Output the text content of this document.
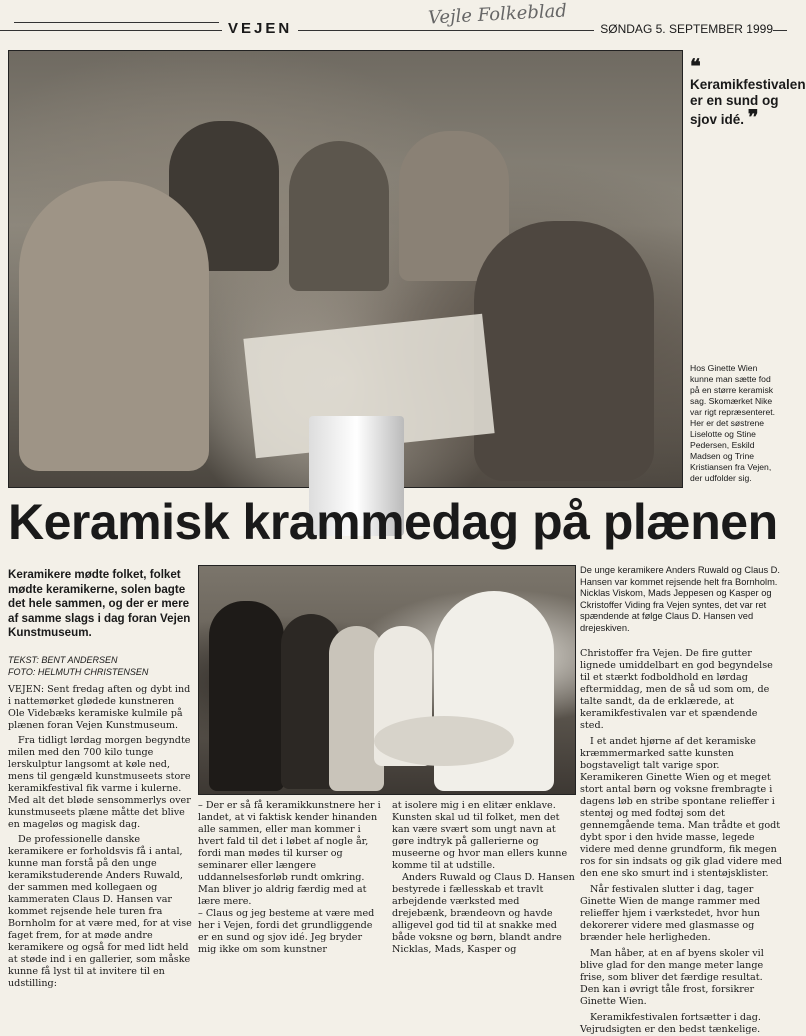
VEJEN	Vejle Folkeblad
SØNDAG 5. SEPTEMBER 1999
❝ Keramikfestivalen er en sund og sjov idé. ❞
Hos Ginette Wien kunne man sætte fod på en større keramisk sag. Skomærket Nike var rigt repræsenteret. Her er det søstrene Liselotte og Stine Pedersen, Eskild Madsen og Trine Kristiansen fra Vejen, der udfolder sig.
Keramisk krammedag på plænen
Keramikere mødte folket, folket mødte keramikerne, solen bagte det hele sammen, og der er mere af samme slags i dag foran Vejen Kunstmuseum.
TEKST: BENT ANDERSEN
FOTO: HELMUTH CHRISTENSEN

VEJEN: Sent fredag aften og dybt ind i nattemørket glødede kunstneren Ole Videbæks keramiske kulmile på plænen foran Vejen Kunstmuseum.

Fra tidligt lørdag morgen begyndte milen med den 700 kilo tunge lerskulptur langsomt at køle ned, mens til gengæld kunstmuseets store keramikfestival fik varme i kulerne. Med alt det bløde sensommerlys over kunstmuseets plæne måtte det blive en mageløs og magisk dag.

De professionelle danske keramikere er forholdsvis få i antal, kunne man forstå på den unge keramikstuderende Anders Ruwald, der sammen med kollegaen og kammeraten Claus D. Hansen var kommet rejsende hele turen fra Bornholm for at være med, for at vise faget frem, for at møde andre keramikere og også for med lidt held at støde ind i en gallerier, som måske kunne få lyst til at invitere til en udstilling:

– Der er så få keramikkunstnere her i landet, at vi faktisk kender hinanden alle sammen, eller man kommer i hvert fald til det i løbet af nogle år, fordi man mødes til kurser og seminarer eller længere uddannelsesforløb rundt omkring. Man bliver jo aldrig færdig med at lære mere.

– Claus og jeg besteme at være med her i Vejen, fordi det grundliggende er en sund og sjov idé. Jeg bryder mig ikke om som kunstner

at isolere mig i en elitær enklave. Kunsten skal ud til folket, men det kan være svært som ungt navn at gøre indtryk på gallerierne og museerne og hvor man ellers kunne komme til at udstille.

Anders Ruwald og Claus D. Hansen bestyrede i fællesskab et travlt arbejdende værksted med drejebænk, brændeovn og havde alligevel god tid til at snakke med både voksne og børn, blandt andre Nicklas, Mads, Kasper og

De unge keramikere Anders Ruwald og Claus D. Hansen var kommet rejsende helt fra Bornholm. Nicklas Viskom, Mads Jeppesen og Kasper og Ckristoffer Viding fra Vejen syntes, det var ret spændende at følge Claus D. Hansen ved drejeskiven.

Christoffer fra Vejen. De fire gutter lignede umiddelbart en god begyndelse til et stærkt fodboldhold en lørdag eftermiddag, men de så ud som om, de talte sandt, da de erklærede, at keramikfestivalen var et spændende sted.

I et andet hjørne af det keramiske kræmmermarked satte kunsten bogstaveligt talt varige spor. Keramikeren Ginette Wien og et meget stort antal børn og voksne frembragte i dagens løb en stribe spontane relieffer i stentøj og med fodtøj som det gennemgående tema. Man trådte et godt dybt spor i den hvide masse, legede videre med denne grundform, fik megen ros for sin indsats og gik glad videre med den ene sko smurt ind i stentøjsklister.

Når festivalen slutter i dag, tager Ginette Wien de mange rammer med relieffer hjem i værkstedet, hvor hun dekorerer videre med glasmasse og brænder hele herligheden.

Man håber, at en af byens skoler vil blive glad for den mange meter lange frise, som bliver det færdige resultat. Den kan i øvrigt tåle frost, forsikrer Ginette Wien.

Keramikfestivalen fortsætter i dag. Vejrudsigten er den bedst tænkelige.
